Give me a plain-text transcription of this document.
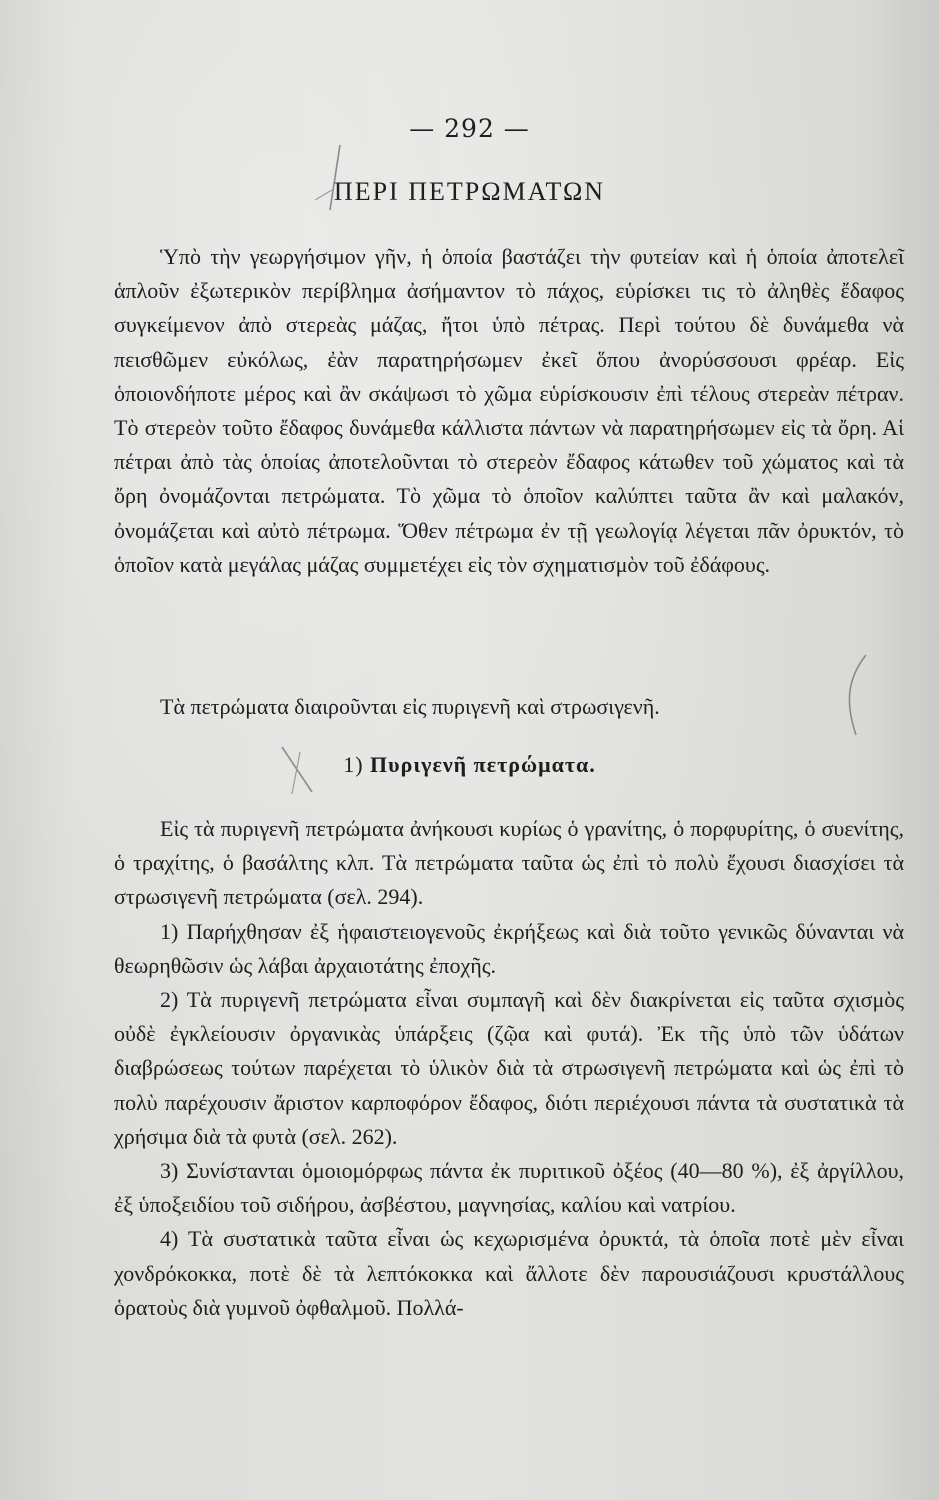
— 292 —
ΠΕΡΙ ΠΕΤΡΩΜΑΤΩΝ

Ὑπὸ τὴν γεωργήσιμον γῆν, ἡ ὁποία βαστάζει τὴν φυτείαν καὶ ἡ ὁποία ἀποτελεῖ ἁπλοῦν ἐξωτερικὸν περίβλημα ἀσήμαντον τὸ πάχος, εὑρίσκει τις τὸ ἀληθὲς ἔδαφος συγκείμενον ἀπὸ στερεὰς μάζας, ἤτοι ὑπὸ πέτρας. Περὶ τούτου δὲ δυνάμεθα νὰ πεισθῶμεν εὐκόλως, ἐὰν παρατηρήσωμεν ἐκεῖ ὅπου ἀνορύσσουσι φρέαρ. Εἰς ὁποιονδήποτε μέρος καὶ ἂν σκάψωσι τὸ χῶμα εὑρίσκουσιν ἐπὶ τέλους στερεὰν πέτραν. Τὸ στερεὸν τοῦτο ἔδαφος δυνάμεθα κάλλιστα πάντων νὰ παρατηρήσωμεν εἰς τὰ ὄρη. Αἱ πέτραι ἀπὸ τὰς ὁποίας ἀποτελοῦνται τὸ στερεὸν ἔδαφος κάτωθεν τοῦ χώματος καὶ τὰ ὄρη ὀνομάζονται πετρώματα. Τὸ χῶμα τὸ ὁποῖον καλύπτει ταῦτα ἂν καὶ μαλακόν, ὀνομάζεται καὶ αὐτὸ πέτρωμα. Ὅθεν πέτρωμα ἐν τῇ γεωλογίᾳ λέγεται πᾶν ὀρυκτόν, τὸ ὁποῖον κατὰ μεγάλας μάζας συμμετέχει εἰς τὸν σχηματισμὸν τοῦ ἐδάφους.

Τὰ πετρώματα διαιροῦνται εἰς πυριγενῆ καὶ στρωσιγενῆ.
1) Πυριγενῆ πετρώματα.

Εἰς τὰ πυριγενῆ πετρώματα ἀνήκουσι κυρίως ὁ γρανίτης, ὁ πορφυρίτης, ὁ συενίτης, ὁ τραχίτης, ὁ βασάλτης κλπ. Τὰ πετρώματα ταῦτα ὡς ἐπὶ τὸ πολὺ ἔχουσι διασχίσει τὰ στρωσιγενῆ πετρώματα (σελ. 294).

1) Παρήχθησαν ἐξ ἡφαιστειογενοῦς ἐκρήξεως καὶ διὰ τοῦτο γενικῶς δύνανται νὰ θεωρηθῶσιν ὡς λάβαι ἀρχαιοτάτης ἐποχῆς.

2) Τὰ πυριγενῆ πετρώματα εἶναι συμπαγῆ καὶ δὲν διακρίνεται εἰς ταῦτα σχισμὸς οὐδὲ ἐγκλείουσιν ὀργανικὰς ὑπάρξεις (ζῷα καὶ φυτά). Ἐκ τῆς ὑπὸ τῶν ὑδάτων διαβρώσεως τούτων παρέχεται τὸ ὑλικὸν διὰ τὰ στρωσιγενῆ πετρώματα καὶ ὡς ἐπὶ τὸ πολὺ παρέχουσιν ἄριστον καρποφόρον ἔδαφος, διότι περιέχουσι πάντα τὰ συστατικὰ τὰ χρήσιμα διὰ τὰ φυτὰ (σελ. 262).

3) Συνίστανται ὁμοιομόρφως πάντα ἐκ πυριτικοῦ ὀξέος (40—80 %), ἐξ ἀργίλλου, ἐξ ὑποξειδίου τοῦ σιδήρου, ἀσβέστου, μαγνησίας, καλίου καὶ νατρίου.

4) Τὰ συστατικὰ ταῦτα εἶναι ὡς κεχωρισμένα ὀρυκτά, τὰ ὁποῖα ποτὲ μὲν εἶναι χονδρόκοκκα, ποτὲ δὲ τὰ λεπτόκοκκα καὶ ἄλλοτε δὲν παρουσιάζουσι κρυστάλλους ὁρατοὺς διὰ γυμνοῦ ὀφθαλμοῦ. Πολλά-
